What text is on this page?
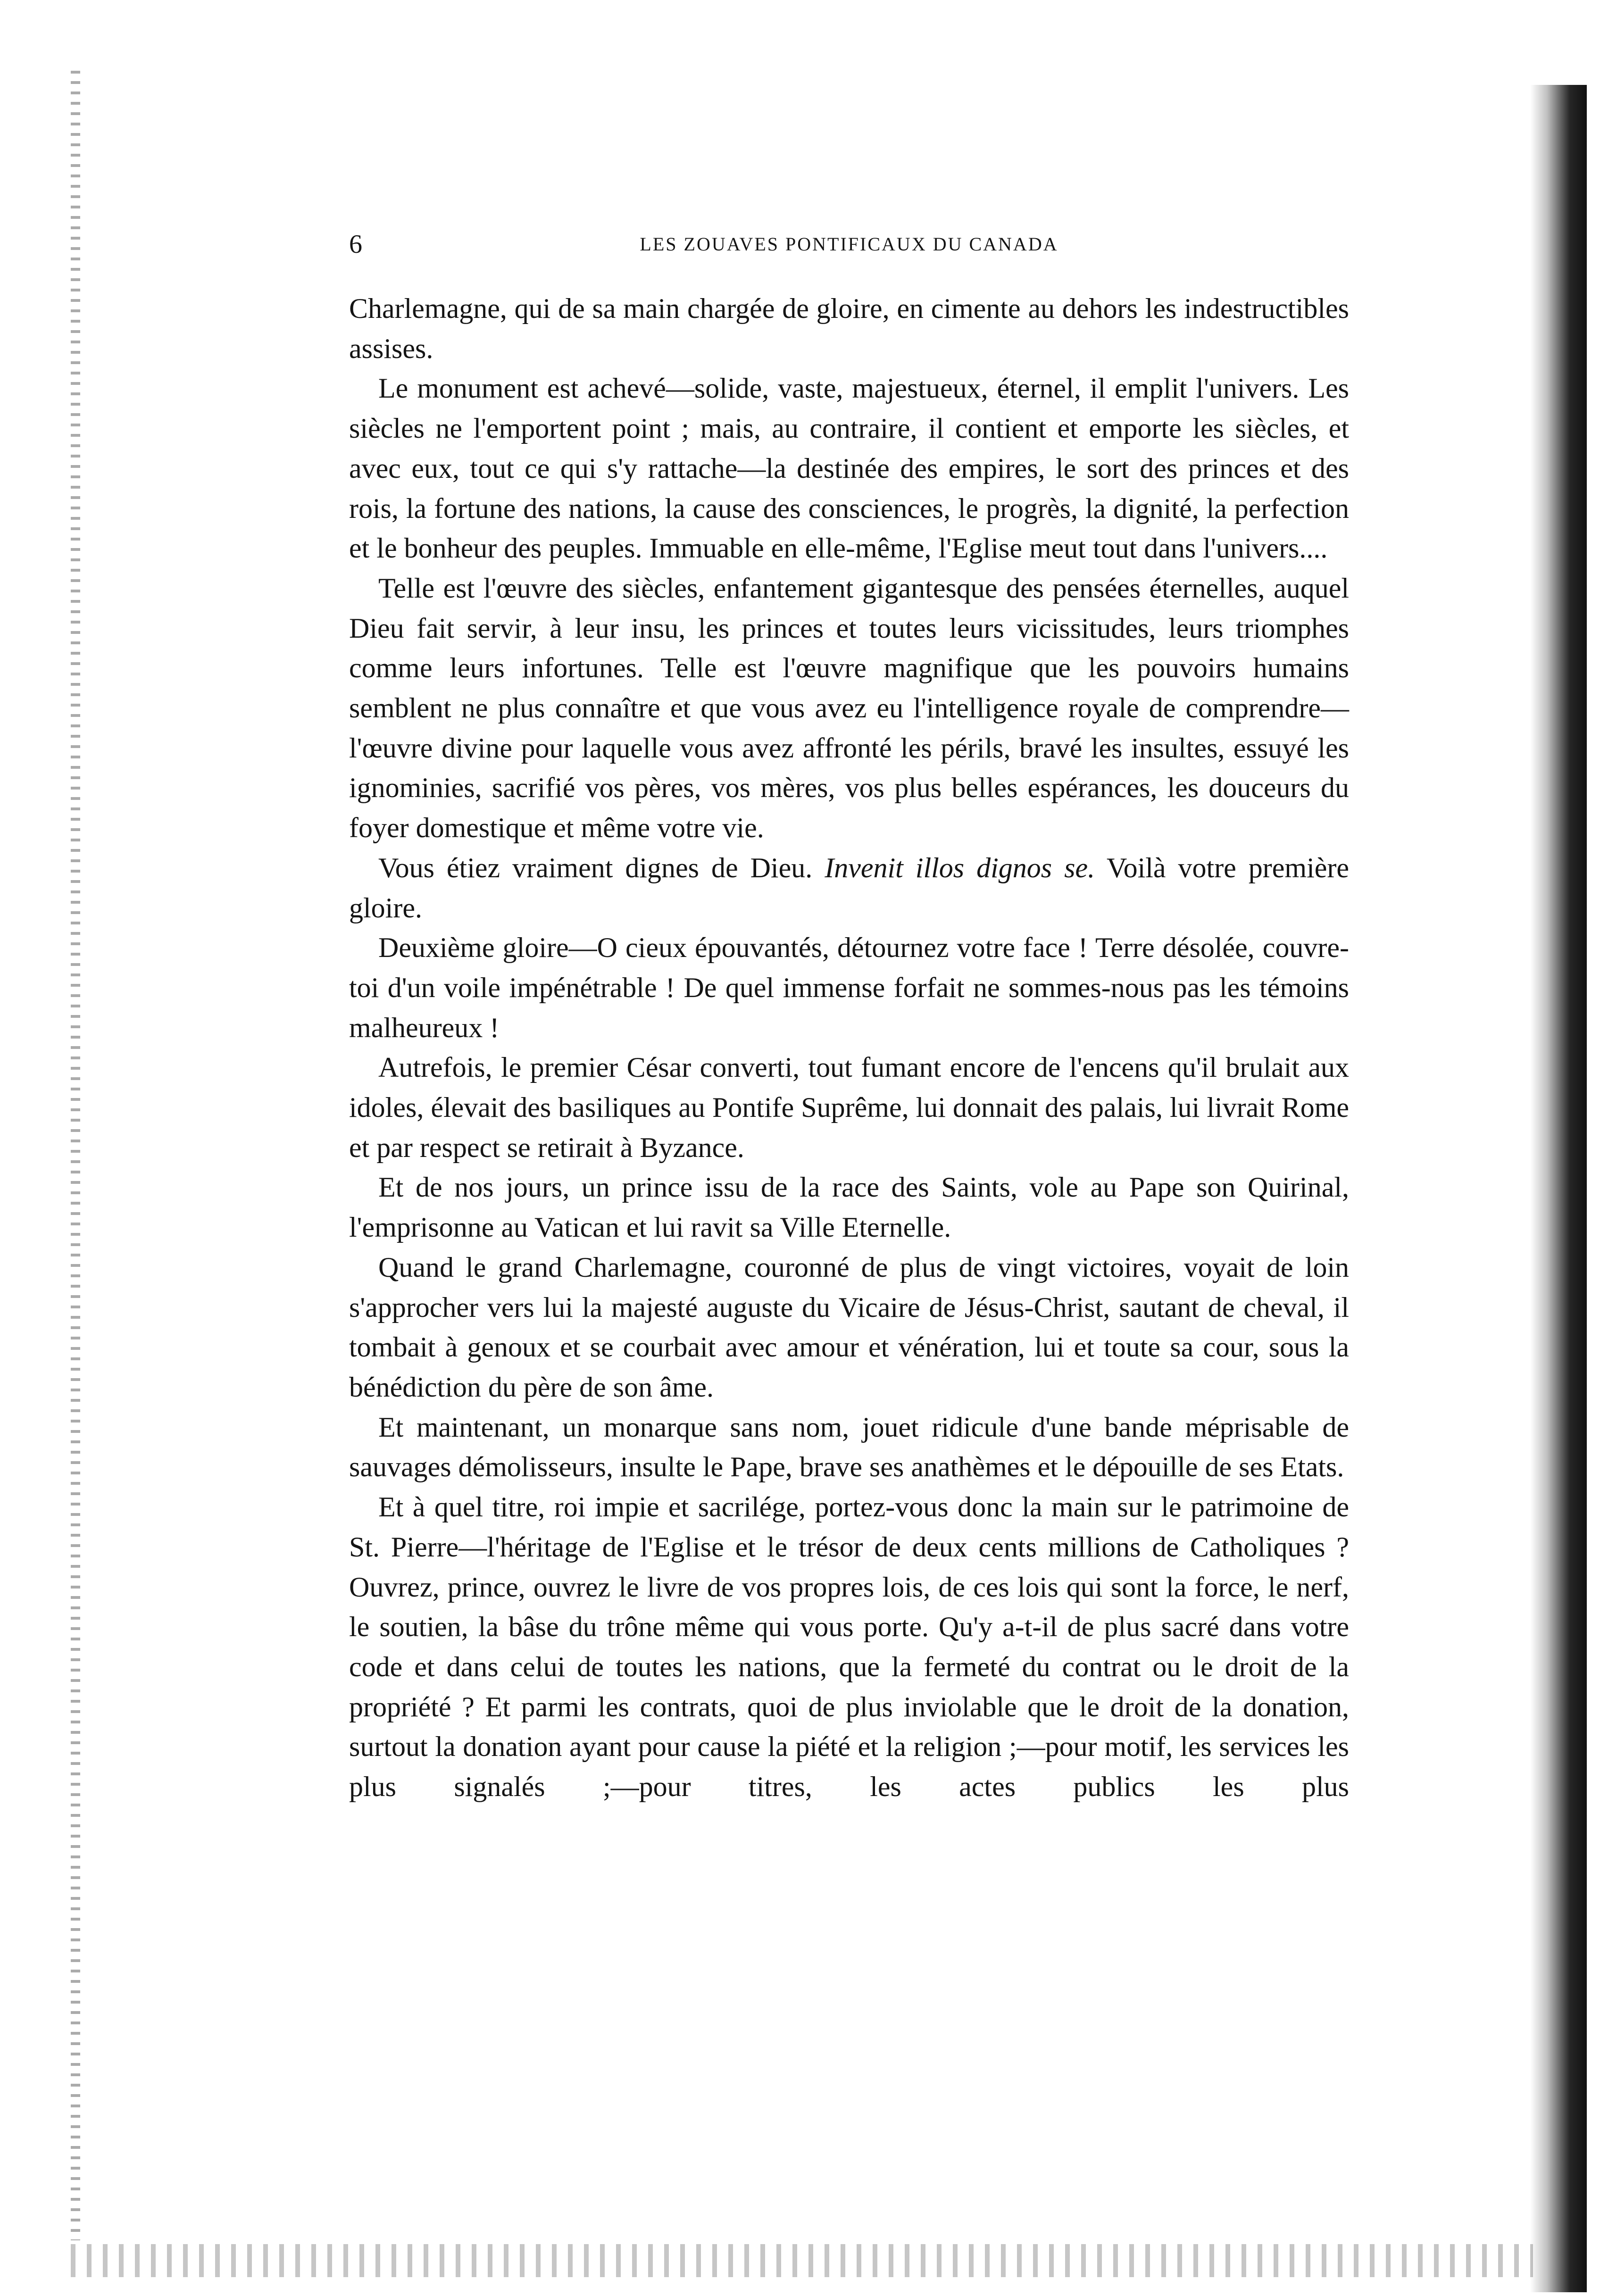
6	LES ZOUAVES PONTIFICAUX DU CANADA

Charlemagne, qui de sa main chargée de gloire, en cimente au dehors les indestructibles assises.

Le monument est achevé—solide, vaste, majestueux, éternel, il emplit l'univers. Les siècles ne l'emportent point ; mais, au contraire, il contient et emporte les siècles, et avec eux, tout ce qui s'y rattache—la destinée des empires, le sort des princes et des rois, la fortune des nations, la cause des consciences, le progrès, la dignité, la perfection et le bonheur des peuples. Immuable en elle-même, l'Eglise meut tout dans l'univers....

Telle est l'œuvre des siècles, enfantement gigantesque des pensées éternelles, auquel Dieu fait servir, à leur insu, les princes et toutes leurs vicissitudes, leurs triomphes comme leurs infortunes. Telle est l'œuvre magnifique que les pouvoirs humains semblent ne plus connaître et que vous avez eu l'intelligence royale de comprendre—l'œuvre divine pour laquelle vous avez affronté les périls, bravé les insultes, essuyé les ignominies, sacrifié vos pères, vos mères, vos plus belles espérances, les douceurs du foyer domestique et même votre vie.

Vous étiez vraiment dignes de Dieu. Invenit illos dignos se. Voilà votre première gloire.

Deuxième gloire—O cieux épouvantés, détournez votre face ! Terre désolée, couvre-toi d'un voile impénétrable ! De quel immense forfait ne sommes-nous pas les témoins malheureux !

Autrefois, le premier César converti, tout fumant encore de l'encens qu'il brulait aux idoles, élevait des basiliques au Pontife Suprême, lui donnait des palais, lui livrait Rome et par respect se retirait à Byzance.

Et de nos jours, un prince issu de la race des Saints, vole au Pape son Quirinal, l'emprisonne au Vatican et lui ravit sa Ville Eternelle.

Quand le grand Charlemagne, couronné de plus de vingt victoires, voyait de loin s'approcher vers lui la majesté auguste du Vicaire de Jésus-Christ, sautant de cheval, il tombait à genoux et se courbait avec amour et vénération, lui et toute sa cour, sous la bénédiction du père de son âme.

Et maintenant, un monarque sans nom, jouet ridicule d'une bande méprisable de sauvages démolisseurs, insulte le Pape, brave ses anathèmes et le dépouille de ses Etats.

Et à quel titre, roi impie et sacrilége, portez-vous donc la main sur le patrimoine de St. Pierre—l'héritage de l'Eglise et le trésor de deux cents millions de Catholiques ? Ouvrez, prince, ouvrez le livre de vos propres lois, de ces lois qui sont la force, le nerf, le soutien, la bâse du trône même qui vous porte. Qu'y a-t-il de plus sacré dans votre code et dans celui de toutes les nations, que la fermeté du contrat ou le droit de la propriété ? Et parmi les contrats, quoi de plus inviolable que le droit de la donation, surtout la donation ayant pour cause la piété et la religion ;—pour motif, les services les plus signalés ;—pour titres, les actes publics les plus
